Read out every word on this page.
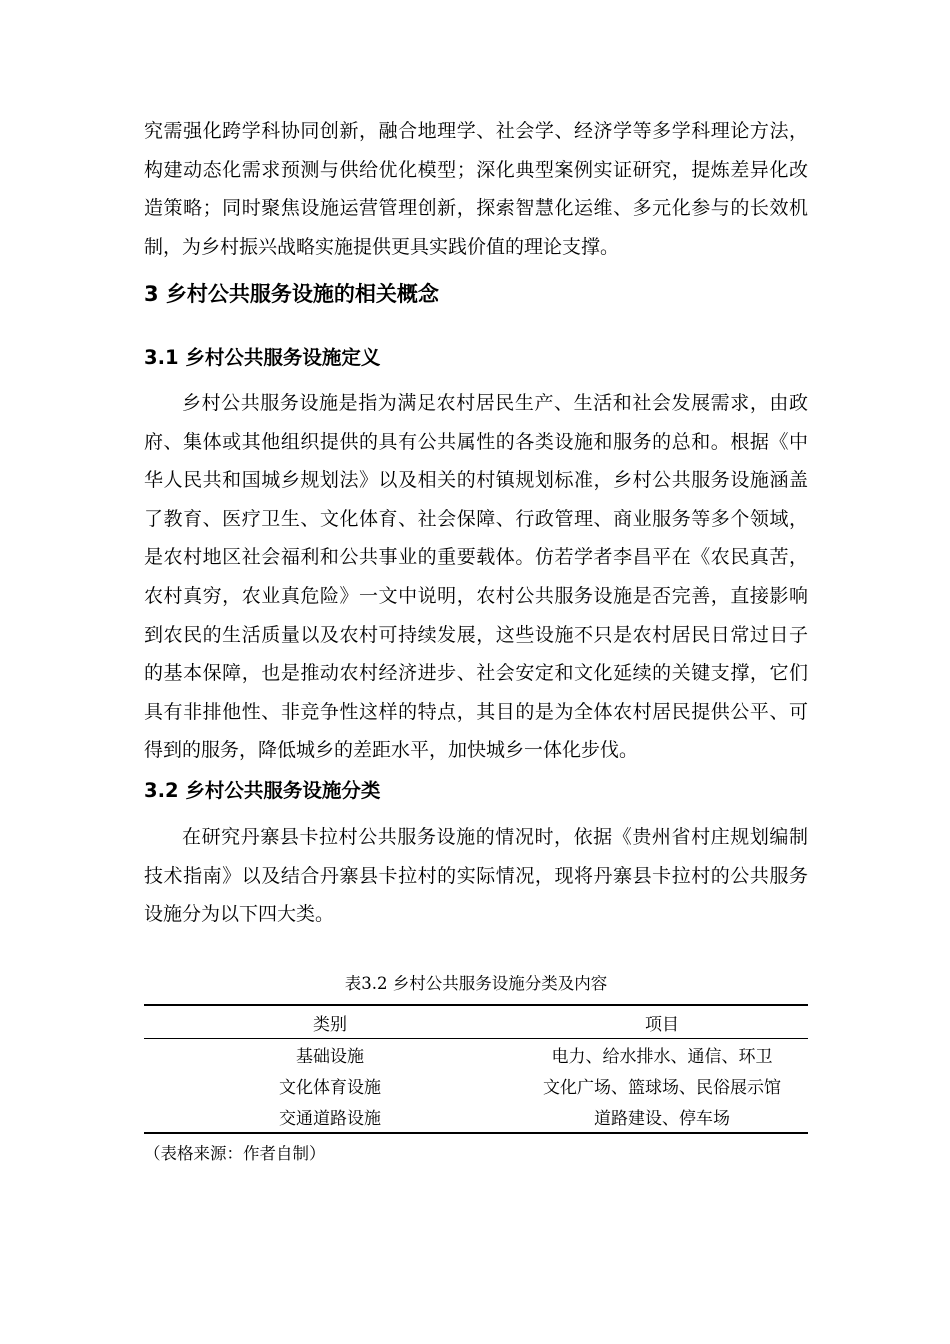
究需强化跨学科协同创新，融合地理学、社会学、经济学等多学科理论方法，构建动态化需求预测与供给优化模型；深化典型案例实证研究，提炼差异化改造策略；同时聚焦设施运营管理创新，探索智慧化运维、多元化参与的长效机制，为乡村振兴战略实施提供更具实践价值的理论支撑。

3 乡村公共服务设施的相关概念
3.1 乡村公共服务设施定义

乡村公共服务设施是指为满足农村居民生产、生活和社会发展需求，由政府、集体或其他组织提供的具有公共属性的各类设施和服务的总和。根据《中华人民共和国城乡规划法》以及相关的村镇规划标准，乡村公共服务设施涵盖了教育、医疗卫生、文化体育、社会保障、行政管理、商业服务等多个领域，是农村地区社会福利和公共事业的重要载体。仿若学者李昌平在《农民真苦，农村真穷，农业真危险》一文中说明，农村公共服务设施是否完善，直接影响到农民的生活质量以及农村可持续发展，这些设施不只是农村居民日常过日子的基本保障，也是推动农村经济进步、社会安定和文化延续的关键支撑，它们具有非排他性、非竞争性这样的特点，其目的是为全体农村居民提供公平、可得到的服务，降低城乡的差距水平，加快城乡一体化步伐。

3.2 乡村公共服务设施分类

在研究丹寨县卡拉村公共服务设施的情况时，依据《贵州省村庄规划编制技术指南》以及结合丹寨县卡拉村的实际情况，现将丹寨县卡拉村的公共服务设施分为以下四大类。

表3.2 乡村公共服务设施分类及内容
类别	项目
基础设施	电力、给水排水、通信、环卫
文化体育设施	文化广场、篮球场、民俗展示馆
交通道路设施	道路建设、停车场
（表格来源：作者自制）
